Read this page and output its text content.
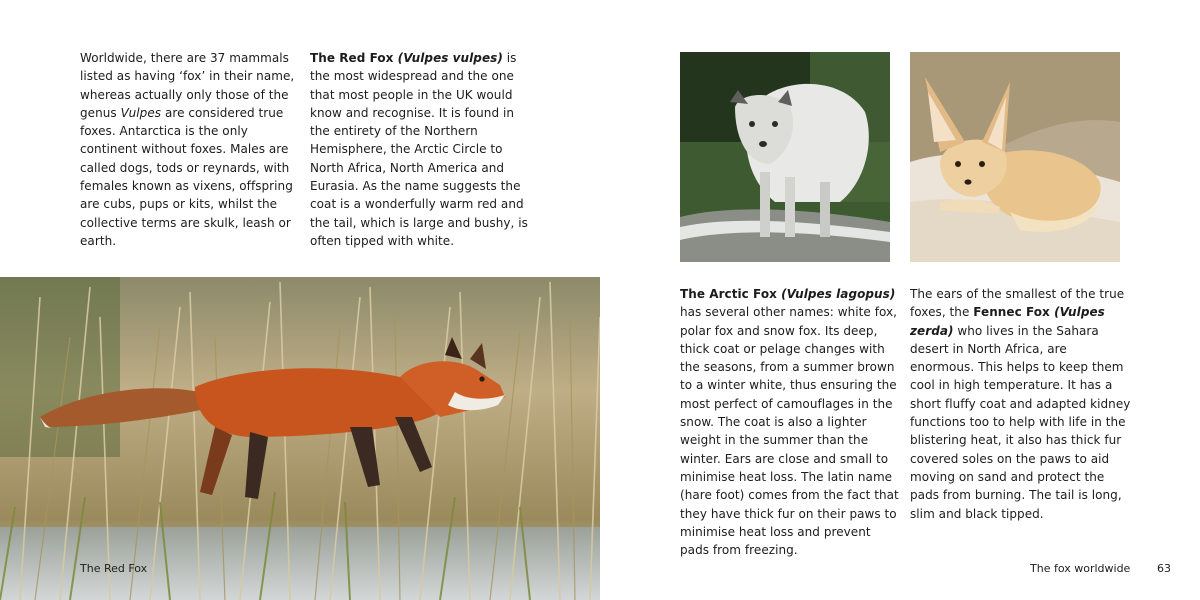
Worldwide, there are 37 mammals listed as having ‘fox’ in their name, whereas actually only those of the genus Vulpes are considered true foxes. Antarctica is the only continent without foxes. Males are called dogs, tods or reynards, with females known as vixens, offspring are cubs, pups or kits, whilst the collective terms are skulk, leash or earth.

The Red Fox (Vulpes vulpes) is the most widespread and the one that most people in the UK would know and recognise. It is found in the entirety of the Northern Hemisphere, the Arctic Circle to North Africa, North America and Eurasia. As the name suggests the coat is a wonderfully warm red and the tail, which is large and bushy, is often tipped with white.

The Red Fox

The Arctic Fox (Vulpes lagopus) has several other names: white fox, polar fox and snow fox. Its deep, thick coat or pelage changes with the seasons, from a summer brown to a winter white, thus ensuring the most perfect of camouflages in the snow. The coat is also a lighter weight in the summer than the winter. Ears are close and small to minimise heat loss. The latin name (hare foot) comes from the fact that they have thick fur on their paws to minimise heat loss and prevent pads from freezing.

The ears of the smallest of the true foxes, the Fennec Fox (Vulpes zerda) who lives in the Sahara desert in North Africa, are enormous. This helps to keep them cool in high temperature. It has a short fluffy coat and adapted kidney functions too to help with life in the blistering heat, it also has thick fur covered soles on the paws to aid moving on sand and protect the pads from burning. The tail is long, slim and black tipped.

The fox worldwide 63
